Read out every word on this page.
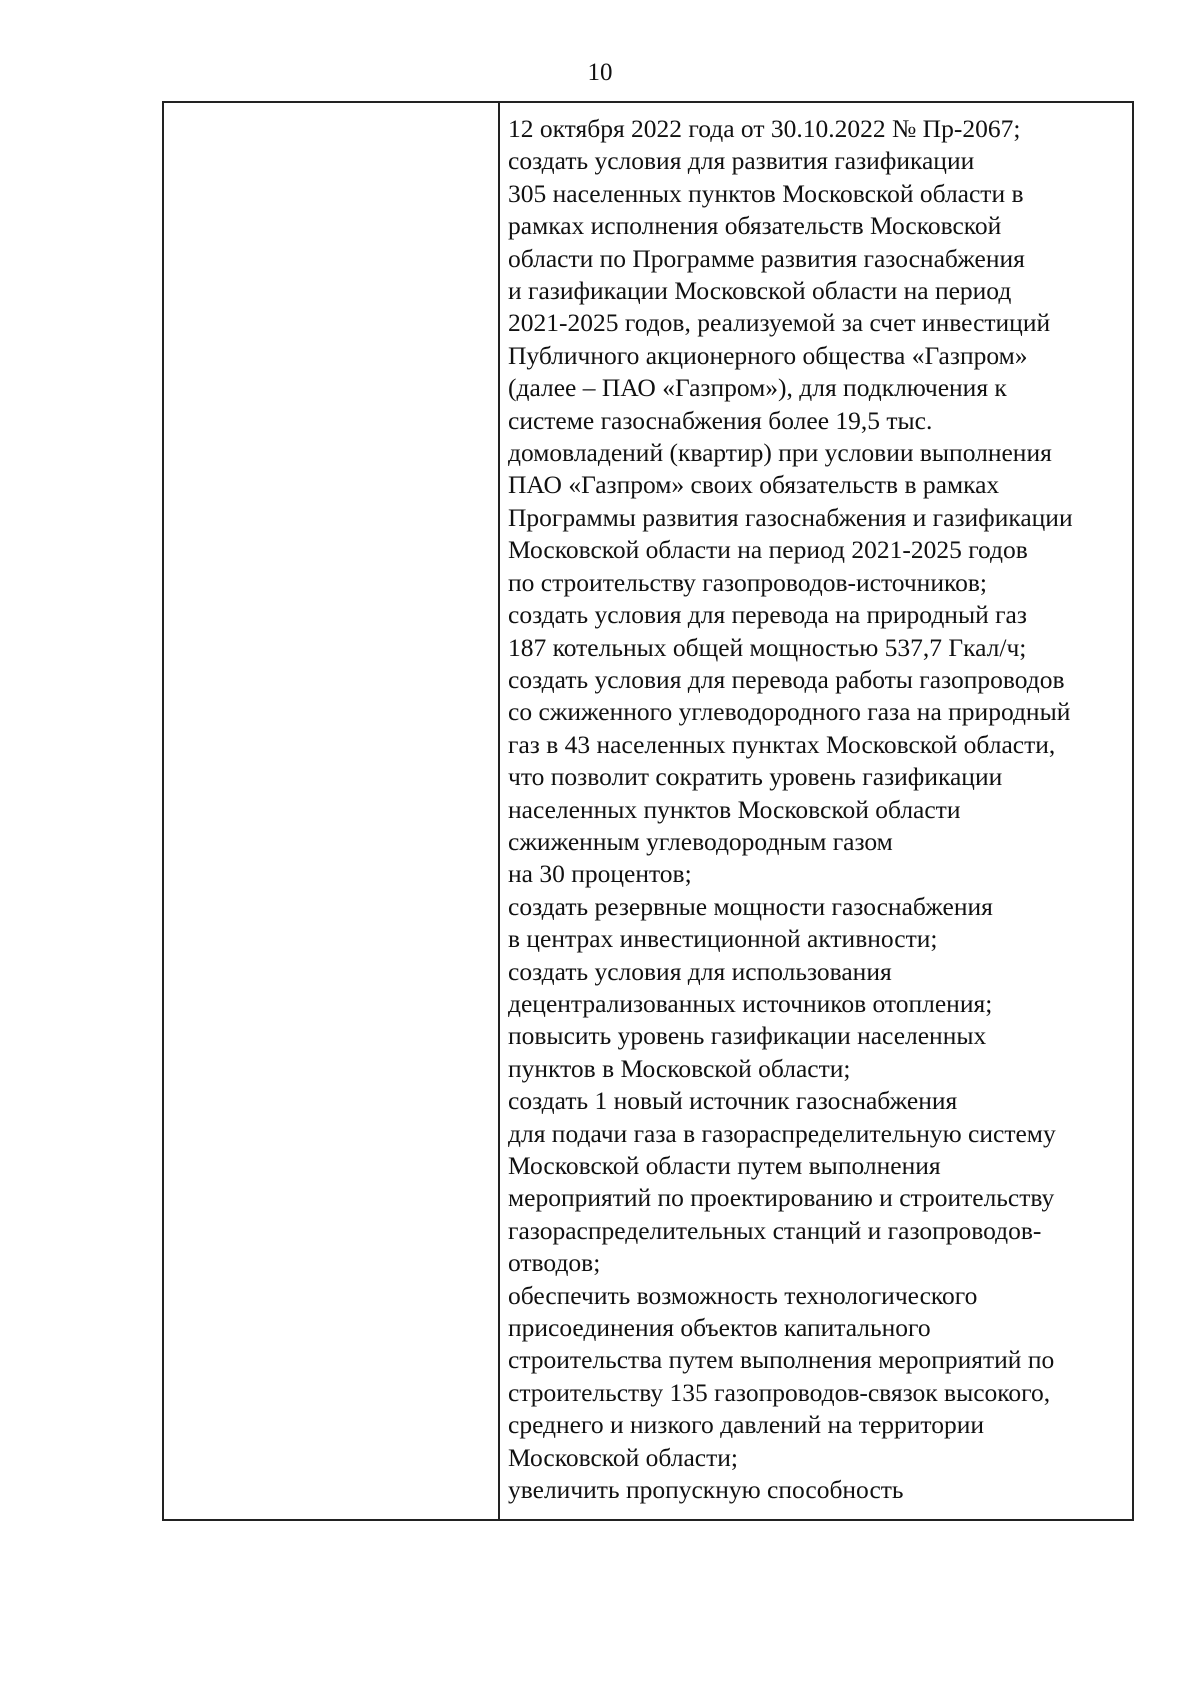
10
12 октября 2022 года от 30.10.2022 № Пр-2067;
создать условия для развития газификации
305 населенных пунктов Московской области в
рамках исполнения обязательств Московской
области по Программе развития газоснабжения
и газификации Московской области на период
2021-2025 годов, реализуемой за счет инвестиций
Публичного акционерного общества «Газпром»
(далее – ПАО «Газпром»), для подключения к
системе газоснабжения более 19,5 тыс.
домовладений (квартир) при условии выполнения
ПАО «Газпром» своих обязательств в рамках
Программы развития газоснабжения и газификации
Московской области на период 2021-2025 годов
по строительству газопроводов-источников;
создать условия для перевода на природный газ
187 котельных общей мощностью 537,7 Гкал/ч;
создать условия для перевода работы газопроводов
со сжиженного углеводородного газа на природный
газ в 43 населенных пунктах Московской области,
что позволит сократить уровень газификации
населенных пунктов Московской области
сжиженным углеводородным газом
на 30 процентов;
создать резервные мощности газоснабжения
в центрах инвестиционной активности;
создать условия для использования
децентрализованных источников отопления;
повысить уровень газификации населенных
пунктов в Московской области;
создать 1 новый источник газоснабжения
для подачи газа в газораспределительную систему
Московской области путем выполнения
мероприятий по проектированию и строительству
газораспределительных станций и газопроводов-
отводов;
обеспечить возможность технологического
присоединения объектов капитального
строительства путем выполнения мероприятий по
строительству 135 газопроводов-связок высокого,
среднего и низкого давлений на территории
Московской области;
увеличить пропускную способность
